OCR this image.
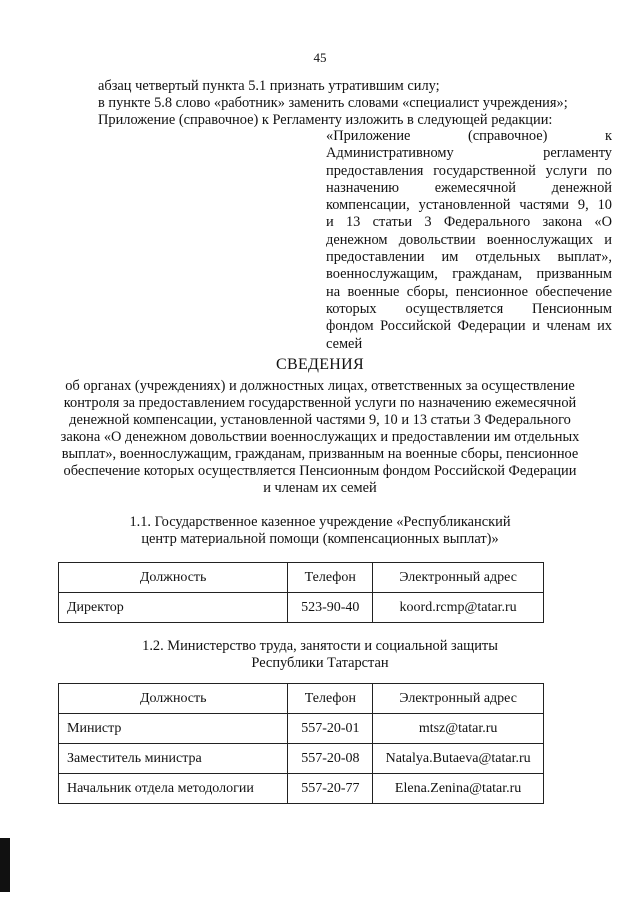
45
абзац четвертый пункта 5.1 признать утратившим силу;
в пункте 5.8 слово «работник» заменить словами «специалист учреждения»;
Приложение (справочное) к Регламенту изложить в следующей редакции:
«Приложение (справочное) к
Административному регламенту
предоставления государственной услуги по
назначению ежемесячной денежной
компенсации, установленной частями 9, 10
и 13 статьи 3 Федерального закона «О
денежном довольствии военнослужащих и
предоставлении им отдельных выплат»,
военнослужащим, гражданам, призванным
на военные сборы, пенсионное обеспечение
которых осуществляется Пенсионным
фондом Российской Федерации и членам их
семей
СВЕДЕНИЯ
об органах (учреждениях) и должностных лицах, ответственных за осуществление
контроля за предоставлением государственной услуги по назначению ежемесячной
денежной компенсации, установленной частями 9, 10 и 13 статьи 3 Федерального
закона «О денежном довольствии военнослужащих и предоставлении им отдельных
выплат», военнослужащим, гражданам, призванным на военные сборы, пенсионное
обеспечение которых осуществляется Пенсионным фондом Российской Федерации
и членам их семей
1.1. Государственное казенное учреждение «Республиканский
центр материальной помощи (компенсационных выплат)»
Должность	Телефон	Электронный адрес
Директор	523-90-40	koord.rcmp@tatar.ru
1.2. Министерство труда, занятости и социальной защиты
Республики Татарстан
Должность	Телефон	Электронный адрес
Министр	557-20-01	mtsz@tatar.ru
Заместитель министра	557-20-08	Natalya.Butaeva@tatar.ru
Начальник отдела методологии	557-20-77	Elena.Zenina@tatar.ru
